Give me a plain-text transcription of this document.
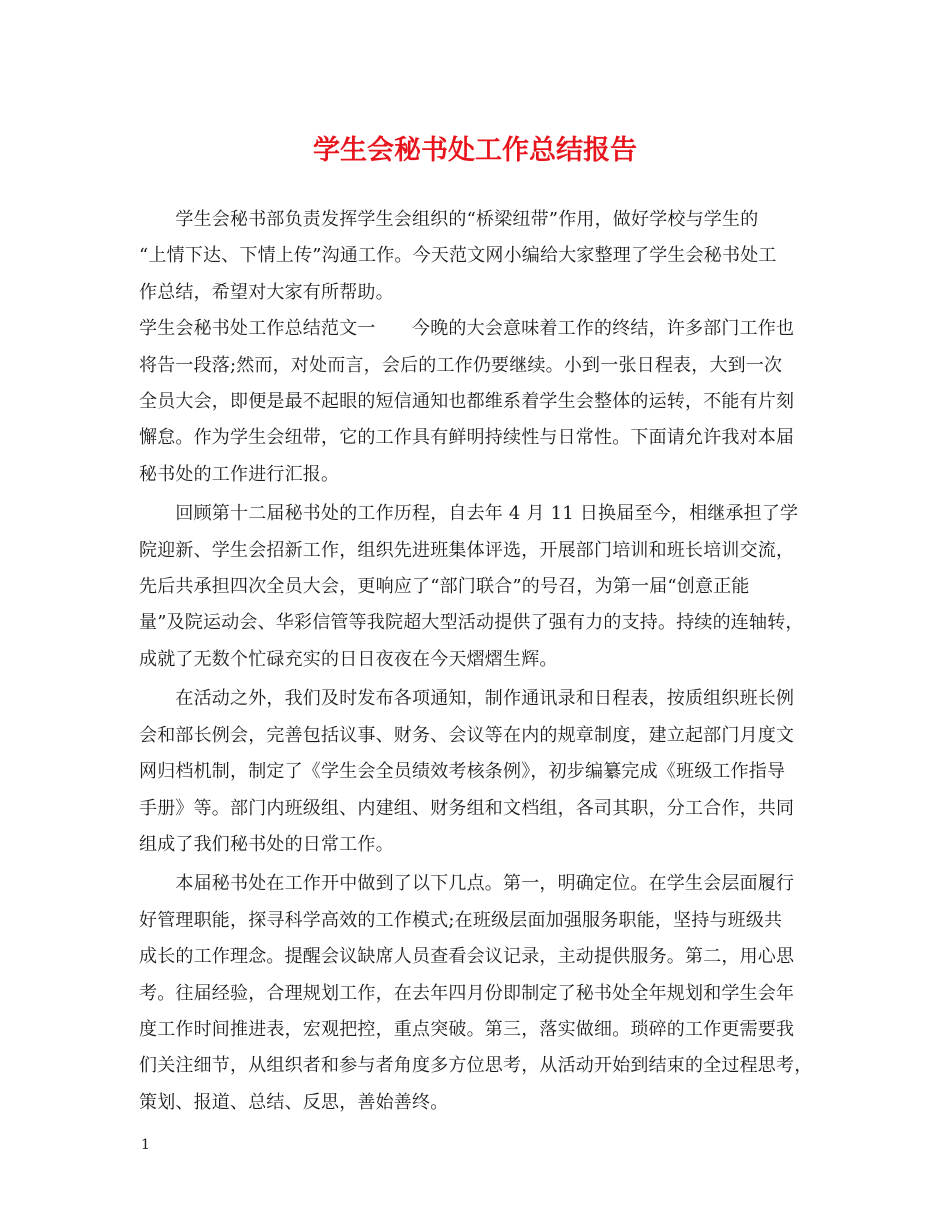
学生会秘书处工作总结报告
　　学生会秘书部负责发挥学生会组织的“桥梁纽带”作用，做好学校与学生的
“上情下达、下情上传”沟通工作。今天范文网小编给大家整理了学生会秘书处工
作总结，希望对大家有所帮助。
学生会秘书处工作总结范文一　　今晚的大会意味着工作的终结，许多部门工作也
将告一段落;然而，对处而言，会后的工作仍要继续。小到一张日程表，大到一次
全员大会，即便是最不起眼的短信通知也都维系着学生会整体的运转，不能有片刻
懈怠。作为学生会纽带，它的工作具有鲜明持续性与日常性。下面请允许我对本届
秘书处的工作进行汇报。
　　回顾第十二届秘书处的工作历程，自去年 4 月 11 日换届至今，相继承担了学
院迎新、学生会招新工作，组织先进班集体评选，开展部门培训和班长培训交流，
先后共承担四次全员大会，更响应了“部门联合”的号召，为第一届“创意正能
量”及院运动会、华彩信管等我院超大型活动提供了强有力的支持。持续的连轴转，
成就了无数个忙碌充实的日日夜夜在今天熠熠生辉。
　　在活动之外，我们及时发布各项通知，制作通讯录和日程表，按质组织班长例
会和部长例会，完善包括议事、财务、会议等在内的规章制度，建立起部门月度文
网归档机制，制定了《学生会全员绩效考核条例》，初步编纂完成《班级工作指导
手册》等。部门内班级组、内建组、财务组和文档组，各司其职，分工合作，共同
组成了我们秘书处的日常工作。
　　本届秘书处在工作开中做到了以下几点。第一，明确定位。在学生会层面履行
好管理职能，探寻科学高效的工作模式;在班级层面加强服务职能，坚持与班级共
成长的工作理念。提醒会议缺席人员查看会议记录，主动提供服务。第二，用心思
考。往届经验，合理规划工作，在去年四月份即制定了秘书处全年规划和学生会年
度工作时间推进表，宏观把控，重点突破。第三，落实做细。琐碎的工作更需要我
们关注细节，从组织者和参与者角度多方位思考，从活动开始到结束的全过程思考，
策划、报道、总结、反思，善始善终。
1
